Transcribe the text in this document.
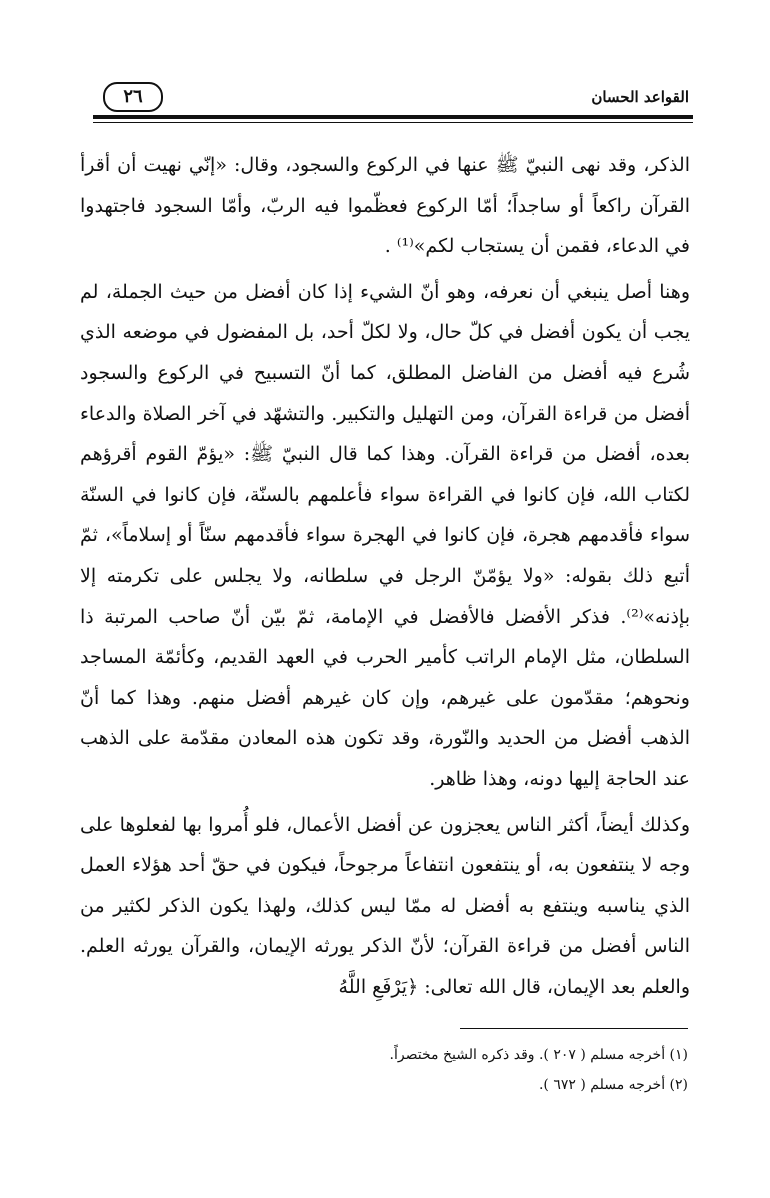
القواعد الحسان
٢٦

الذكر، وقد نهى النبيّ ﷺ عنها في الركوع والسجود، وقال: «إنّي نهيت أن أقرأ القرآن راكعاً أو ساجداً؛ أمّا الركوع فعظّموا فيه الربّ، وأمّا السجود فاجتهدوا في الدعاء، فقمن أن يستجاب لكم»⁽¹⁾ .

وهنا أصل ينبغي أن نعرفه، وهو أنّ الشيء إذا كان أفضل من حيث الجملة، لم يجب أن يكون أفضل في كلّ حال، ولا لكلّ أحد، بل المفضول في موضعه الذي شُرع فيه أفضل من الفاضل المطلق، كما أنّ التسبيح في الركوع والسجود أفضل من قراءة القرآن، ومن التهليل والتكبير. والتشهّد في آخر الصلاة والدعاء بعده، أفضل من قراءة القرآن. وهذا كما قال النبيّ ﷺ: «يؤمّ القوم أقرؤهم لكتاب الله، فإن كانوا في القراءة سواء فأعلمهم بالسنّة، فإن كانوا في السنّة سواء فأقدمهم هجرة، فإن كانوا في الهجرة سواء فأقدمهم سنّاً أو إسلاماً»، ثمّ أتبع ذلك بقوله: «ولا يؤمّنّ الرجل في سلطانه، ولا يجلس على تكرمته إلا بإذنه»⁽²⁾. فذكر الأفضل فالأفضل في الإمامة، ثمّ بيّن أنّ صاحب المرتبة ذا السلطان، مثل الإمام الراتب كأمير الحرب في العهد القديم، وكأئمّة المساجد ونحوهم؛ مقدّمون على غيرهم، وإن كان غيرهم أفضل منهم. وهذا كما أنّ الذهب أفضل من الحديد والنّورة، وقد تكون هذه المعادن مقدّمة على الذهب عند الحاجة إليها دونه، وهذا ظاهر.

وكذلك أيضاً، أكثر الناس يعجزون عن أفضل الأعمال، فلو أُمروا بها لفعلوها على وجه لا ينتفعون به، أو ينتفعون انتفاعاً مرجوحاً، فيكون في حقّ أحد هؤلاء العمل الذي يناسبه وينتفع به أفضل له ممّا ليس كذلك، ولهذا يكون الذكر لكثير من الناس أفضل من قراءة القرآن؛ لأنّ الذكر يورثه الإيمان، والقرآن يورثه العلم. والعلم بعد الإيمان، قال الله تعالى: ﴿يَرْفَعِ اللَّهُ

(١) أخرجه مسلم ( ٢٠٧ ). وقد ذكره الشيخ مختصراً.

(٢) أخرجه مسلم ( ٦٧٢ ).
